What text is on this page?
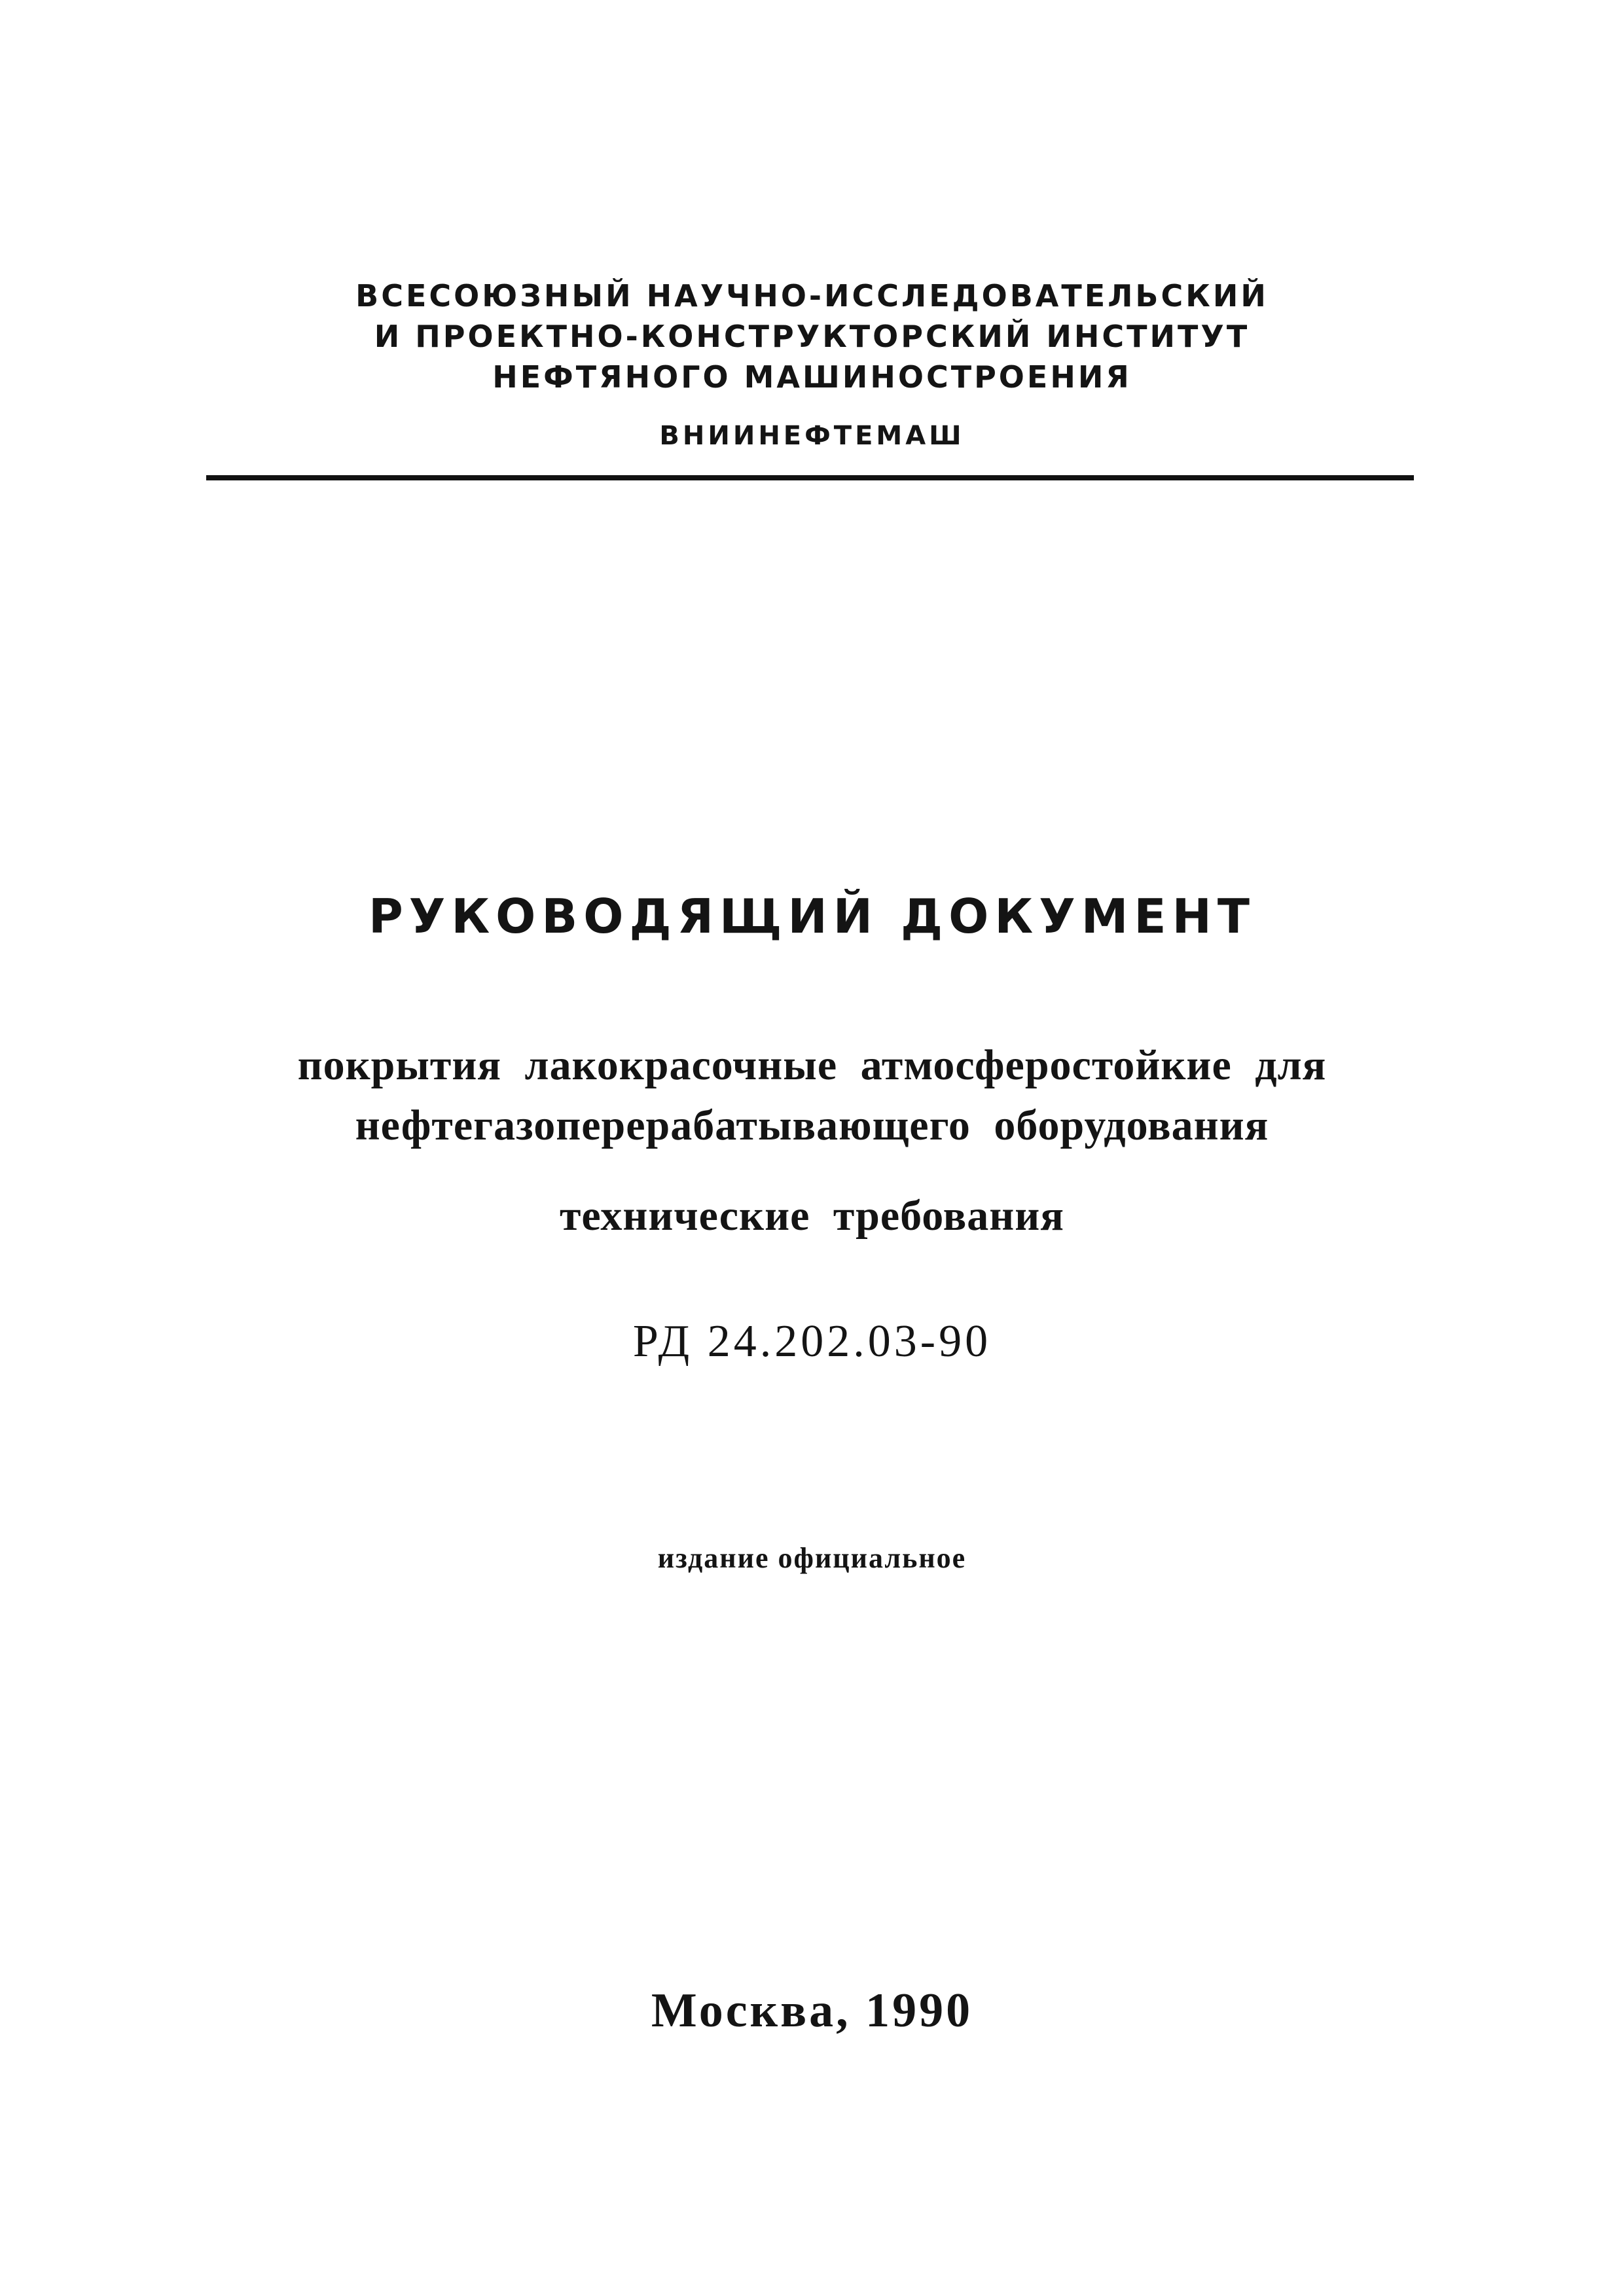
ВСЕСОЮЗНЫЙ НАУЧНО-ИССЛЕДОВАТЕЛЬСКИЙ
И ПРОЕКТНО-КОНСТРУКТОРСКИЙ ИНСТИТУТ
НЕФТЯНОГО МАШИНОСТРОЕНИЯ
ВНИИНЕФТЕМАШ
РУКОВОДЯЩИЙ ДОКУМЕНТ
покрытия лакокрасочные атмосферостойкие для
нефтегазоперерабатывающего оборудования
технические требования
РД 24.202.03-90
издание официальное
Москва, 1990
